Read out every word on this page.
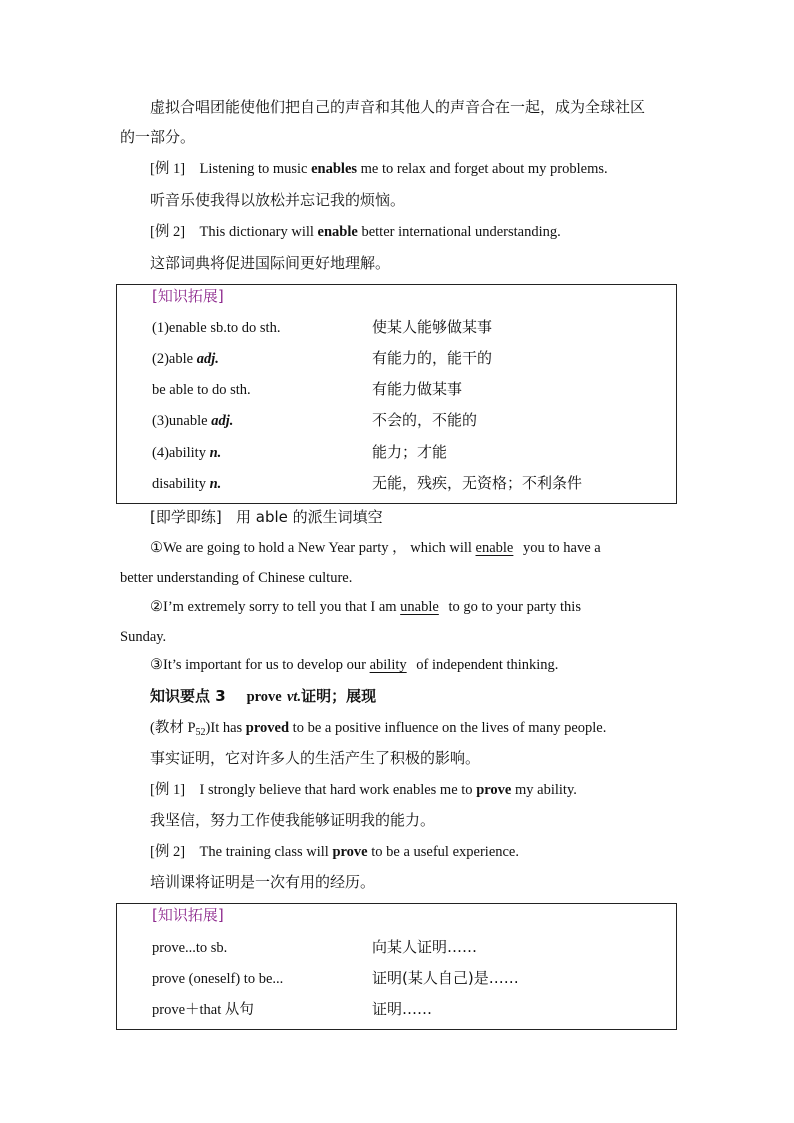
虚拟合唱团能使他们把自己的声音和其他人的声音合在一起，成为全球社区
的一部分。
[例 1] Listening to music enables me to relax and forget about my problems.
听音乐使我得以放松并忘记我的烦恼。
[例 2] This dictionary will enable better international understanding.
这部词典将促进国际间更好地理解。
[知识拓展]
(1)enable sb.to do sth.	使某人能够做某事
(2)able adj.	有能力的，能干的
be able to do sth.	有能力做某事
(3)unable adj.	不会的，不能的
(4)ability n.	能力；才能
disability n.	无能，残疾，无资格；不利条件
[即学即练] 用 able 的派生词填空
①We are going to hold a New Year party ， which will enable you to have a
better understanding of Chinese culture.
②I’m extremely sorry to tell you that I am unable to go to your party this
Sunday.
③It’s important for us to develop our ability of independent thinking.
知识要点 3 prove vt.证明；展现
(教材 $P_{52})It$ has proved to be a positive influence on the lives of many people.
事实证明，它对许多人的生活产生了积极的影响。
[例 1] I strongly believe that hard work enables me to prove my ability.
我坚信，努力工作使我能够证明我的能力。
[例 2] The training class will prove to be a useful experience.
培训课将证明是一次有用的经历。
[知识拓展]
prove...to sb.	向某人证明……
prove (oneself) to be...	证明(某人自己)是……
prove＋that 从句	证明……
